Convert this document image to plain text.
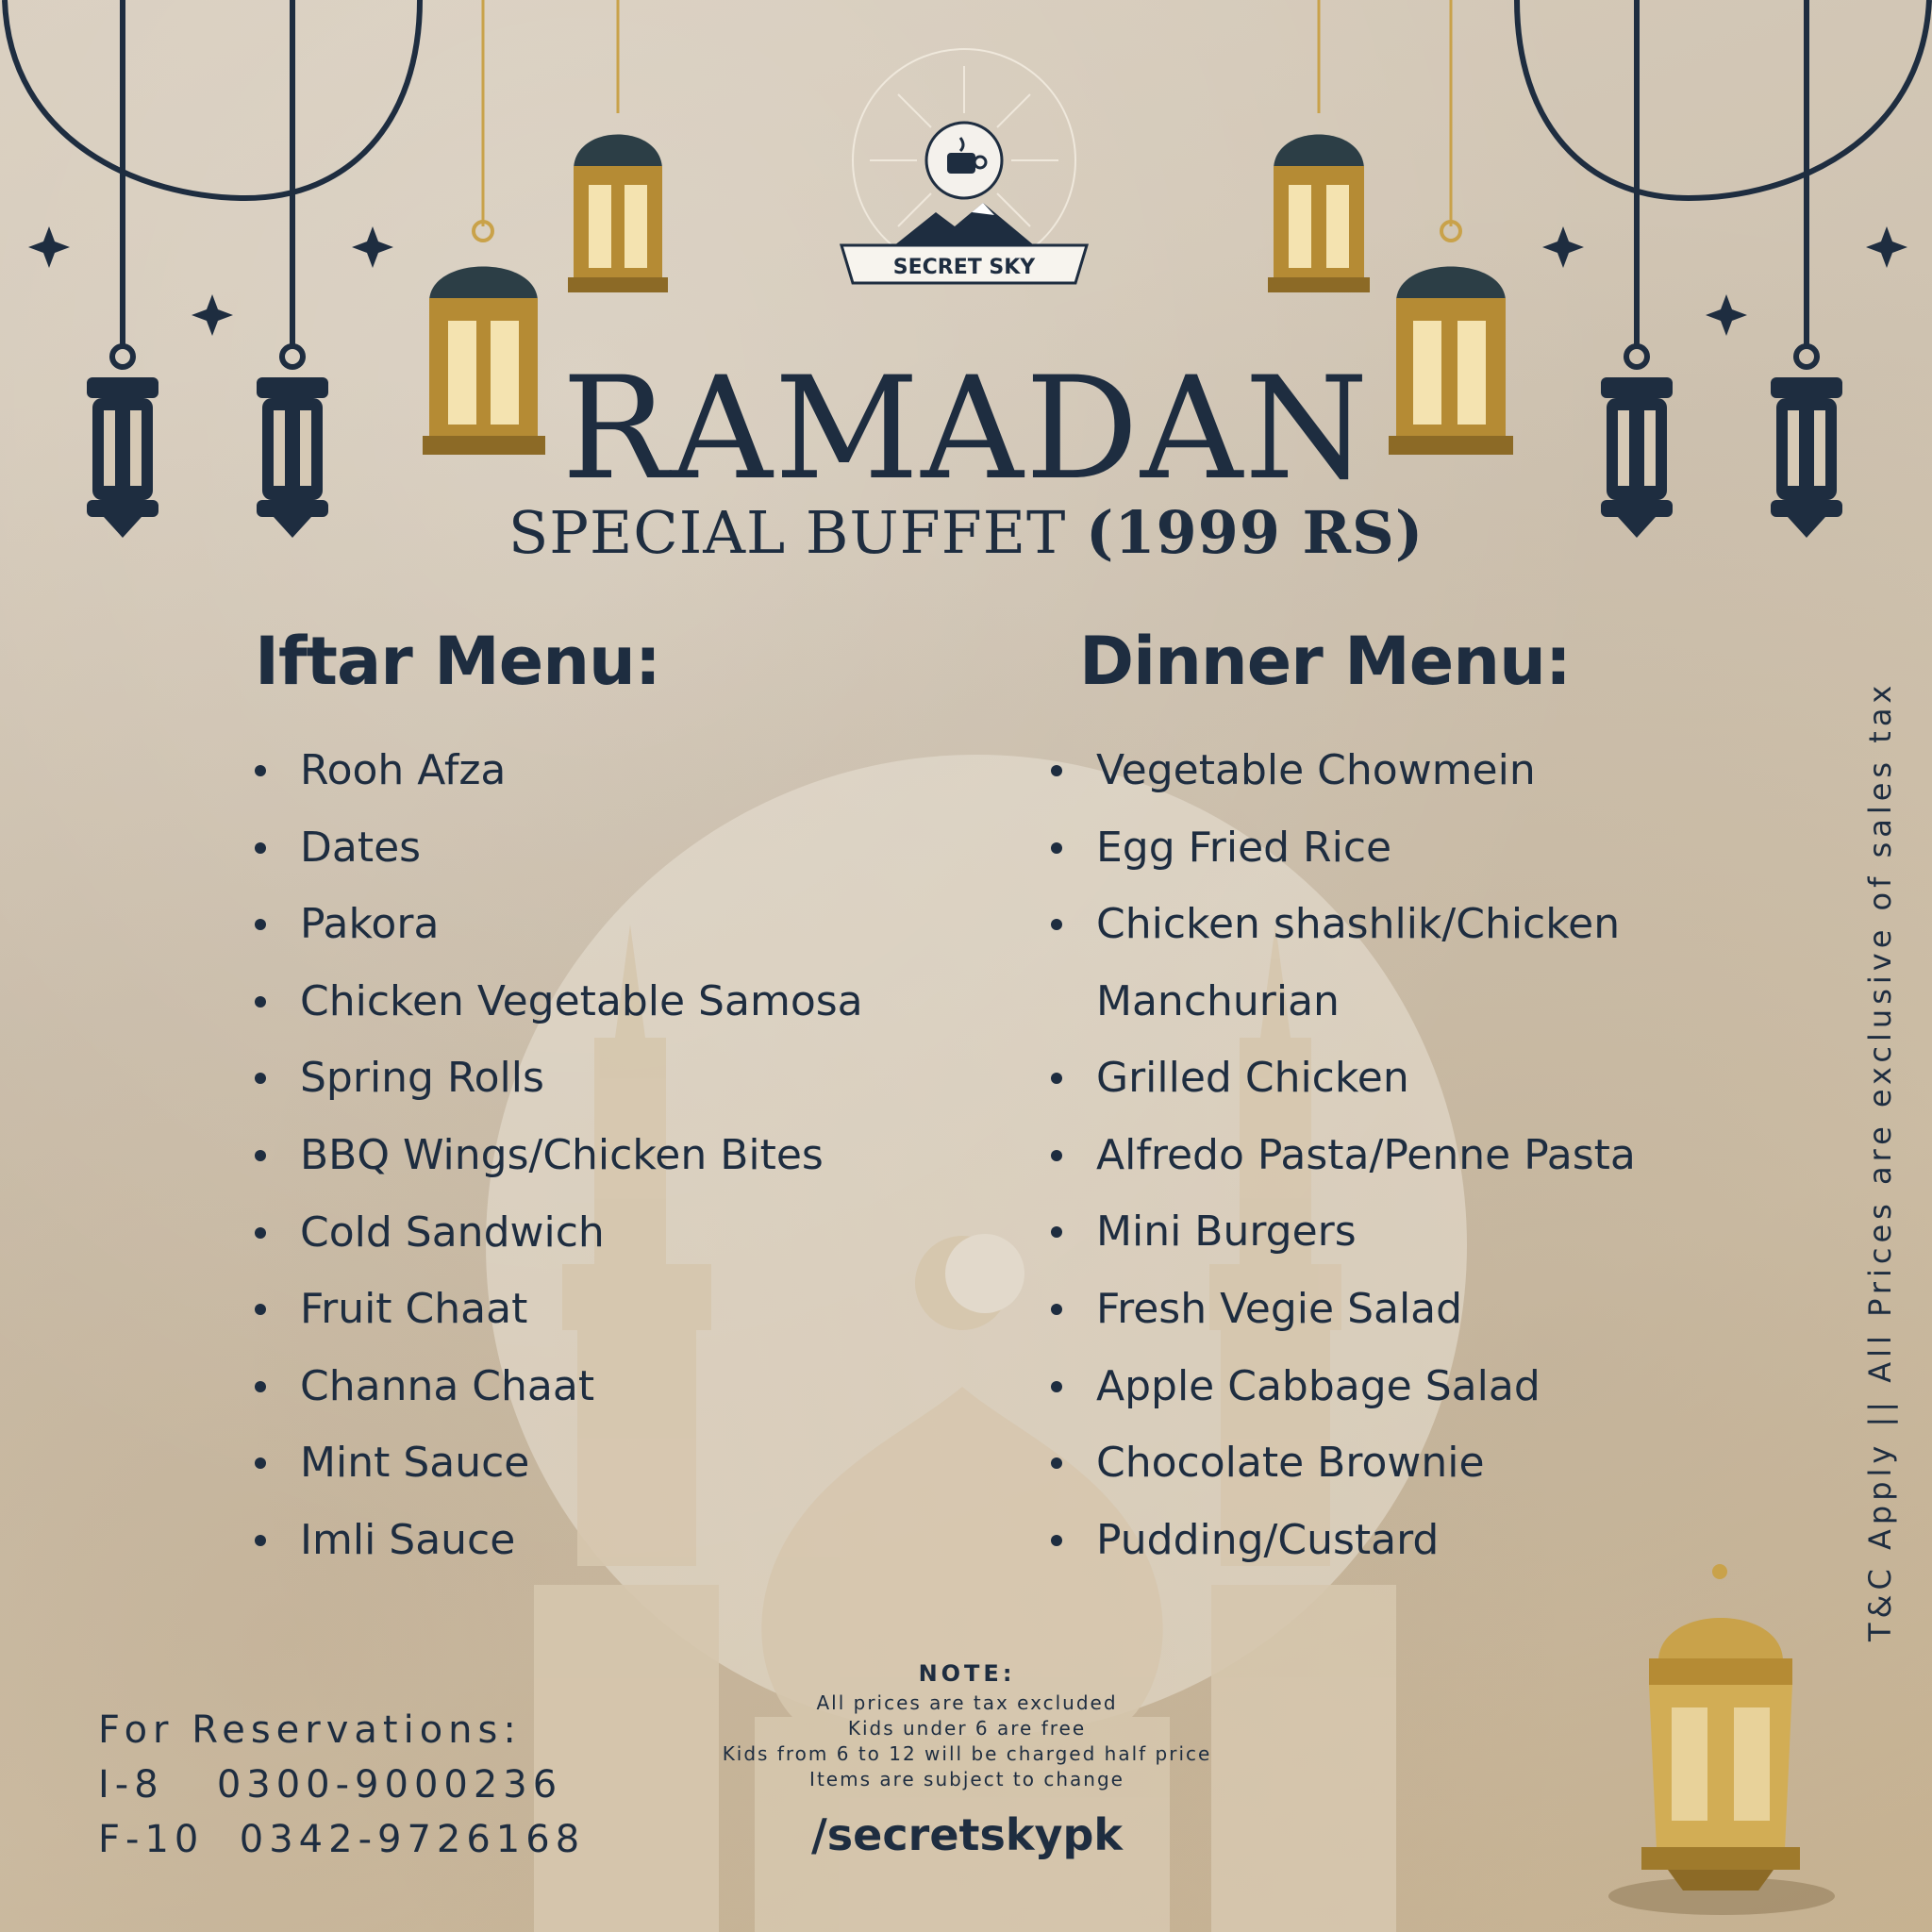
SECRET SKY
RAMADAN
SPECIAL BUFFET (1999 RS)
Iftar Menu:
Rooh Afza
Dates
Pakora
Chicken Vegetable Samosa
Spring Rolls
BBQ Wings/Chicken Bites
Cold Sandwich
Fruit Chaat
Channa Chaat
Mint Sauce
Imli Sauce
Dinner Menu:
Vegetable Chowmein
Egg Fried Rice
Chicken shashlik/Chicken Manchurian
Grilled Chicken
Alfredo Pasta/Penne Pasta
Mini Burgers
Fresh Vegie Salad
Apple Cabbage Salad
Chocolate Brownie
Pudding/Custard
For Reservations:
I-8   0300-9000236
F-10  0342-9726168
NOTE:
All prices are tax excluded
Kids under 6 are free
Kids from 6 to 12 will be charged half price
Items are subject to change
/secretskypk
T&C Apply || All Prices are exclusive of sales tax
